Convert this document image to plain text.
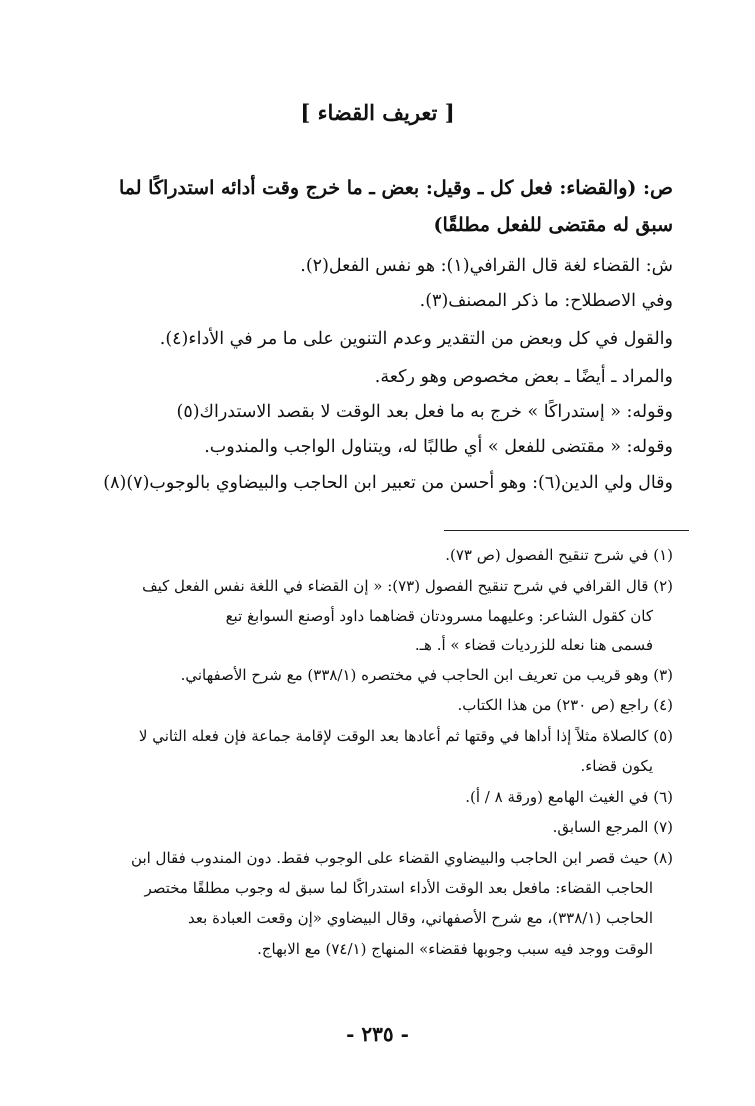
[ تعريف القضاء ]
ص: (والقضاء: فعل كل ـ وقيل: بعض ـ ما خرج وقت أدائه استدراكًا لما
سبق له مقتضى للفعل مطلقًا)
ش: القضاء لغة قال القرافي(١): هو نفس الفعل(٢).
وفي الاصطلاح: ما ذكر المصنف(٣).
والقول في كل وبعض من التقدير وعدم التنوين على ما مر في الأداء(٤).
والمراد ـ أيضًا ـ بعض مخصوص وهو ركعة.
وقوله: « إستدراكًا » خرج به ما فعل بعد الوقت لا بقصد الاستدراك(٥)
وقوله: « مقتضى للفعل » أي طالبًا له، ويتناول الواجب والمندوب.
وقال ولي الدين(٦): وهو أحسن من تعبير ابن الحاجب والبيضاوي بالوجوب(٧)(٨)
(١) في شرح تنقيح الفصول (ص ٧٣).
(٢) قال القرافي في شرح تنقيح الفصول (٧٣): « إن القضاء في اللغة نفس الفعل كيف
كان كقول الشاعر: وعليهما مسرودتان قضاهما داود أوصنع السوابغ تبع
فسمى هنا نعله للزرديات قضاء » أ. هـ.
(٣) وهو قريب من تعريف ابن الحاجب في مختصره (٣٣٨/١) مع شرح الأصفهاني.
(٤) راجع (ص ٢٣٠) من هذا الكتاب.
(٥) كالصلاة مثلاً إذا أداها في وقتها ثم أعادها بعد الوقت لإقامة جماعة فإن فعله الثاني لا
يكون قضاء.
(٦) في الغيث الهامع (ورقة ٨ / أ).
(٧) المرجع السابق.
(٨) حيث قصر ابن الحاجب والبيضاوي القضاء على الوجوب فقط. دون المندوب فقال ابن
الحاجب القضاء: مافعل بعد الوقت الأداء استدراكًا لما سبق له وجوب مطلقًا مختصر
الحاجب (٣٣٨/١)، مع شرح الأصفهاني، وقال البيضاوي «إن وقعت العبادة بعد
الوقت ووجد فيه سبب وجوبها فقضاء» المنهاج (٧٤/١) مع الابهاج.
- ٢٣٥ -
